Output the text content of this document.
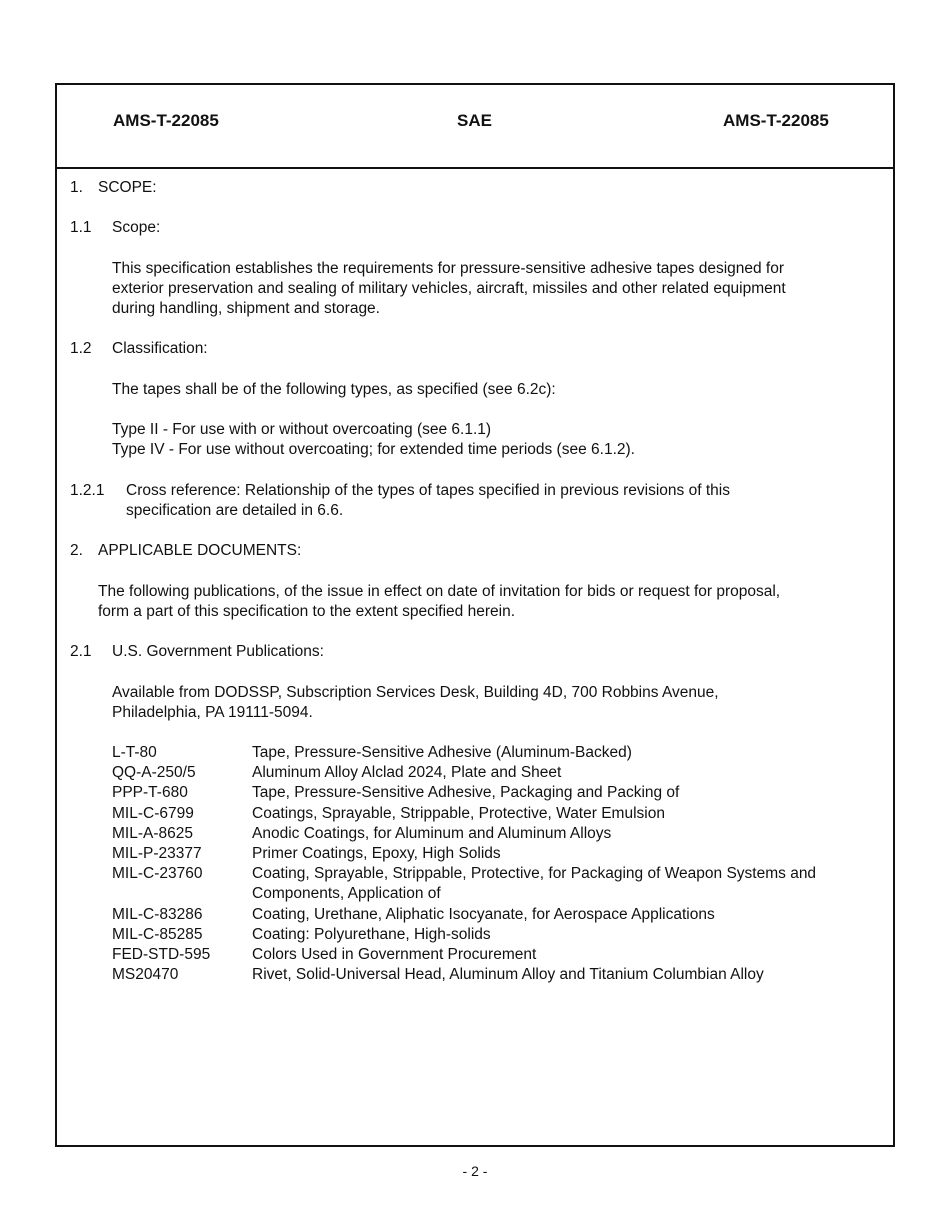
AMS-T-22085	SAE	AMS-T-22085
1. SCOPE:
1.1 Scope:
This specification establishes the requirements for pressure-sensitive adhesive tapes designed for
exterior preservation and sealing of military vehicles, aircraft, missiles and other related equipment
during handling, shipment and storage.
1.2 Classification:
The tapes shall be of the following types, as specified (see 6.2c):
Type II - For use with or without overcoating (see 6.1.1)
Type IV - For use without overcoating; for extended time periods (see 6.1.2).
1.2.1 Cross reference: Relationship of the types of tapes specified in previous revisions of this
specification are detailed in 6.6.
2. APPLICABLE DOCUMENTS:
The following publications, of the issue in effect on date of invitation for bids or request for proposal,
form a part of this specification to the extent specified herein.
2.1 U.S. Government Publications:
Available from DODSSP, Subscription Services Desk, Building 4D, 700 Robbins Avenue,
Philadelphia, PA 19111-5094.
L-T-80	Tape, Pressure-Sensitive Adhesive (Aluminum-Backed)
QQ-A-250/5	Aluminum Alloy Alclad 2024, Plate and Sheet
PPP-T-680	Tape, Pressure-Sensitive Adhesive, Packaging and Packing of
MIL-C-6799	Coatings, Sprayable, Strippable, Protective, Water Emulsion
MIL-A-8625	Anodic Coatings, for Aluminum and Aluminum Alloys
MIL-P-23377	Primer Coatings, Epoxy, High Solids
MIL-C-23760	Coating, Sprayable, Strippable, Protective, for Packaging of Weapon Systems and Components, Application of
MIL-C-83286	Coating, Urethane, Aliphatic Isocyanate, for Aerospace Applications
MIL-C-85285	Coating: Polyurethane, High-solids
FED-STD-595	Colors Used in Government Procurement
MS20470	Rivet, Solid-Universal Head, Aluminum Alloy and Titanium Columbian Alloy
- 2 -
